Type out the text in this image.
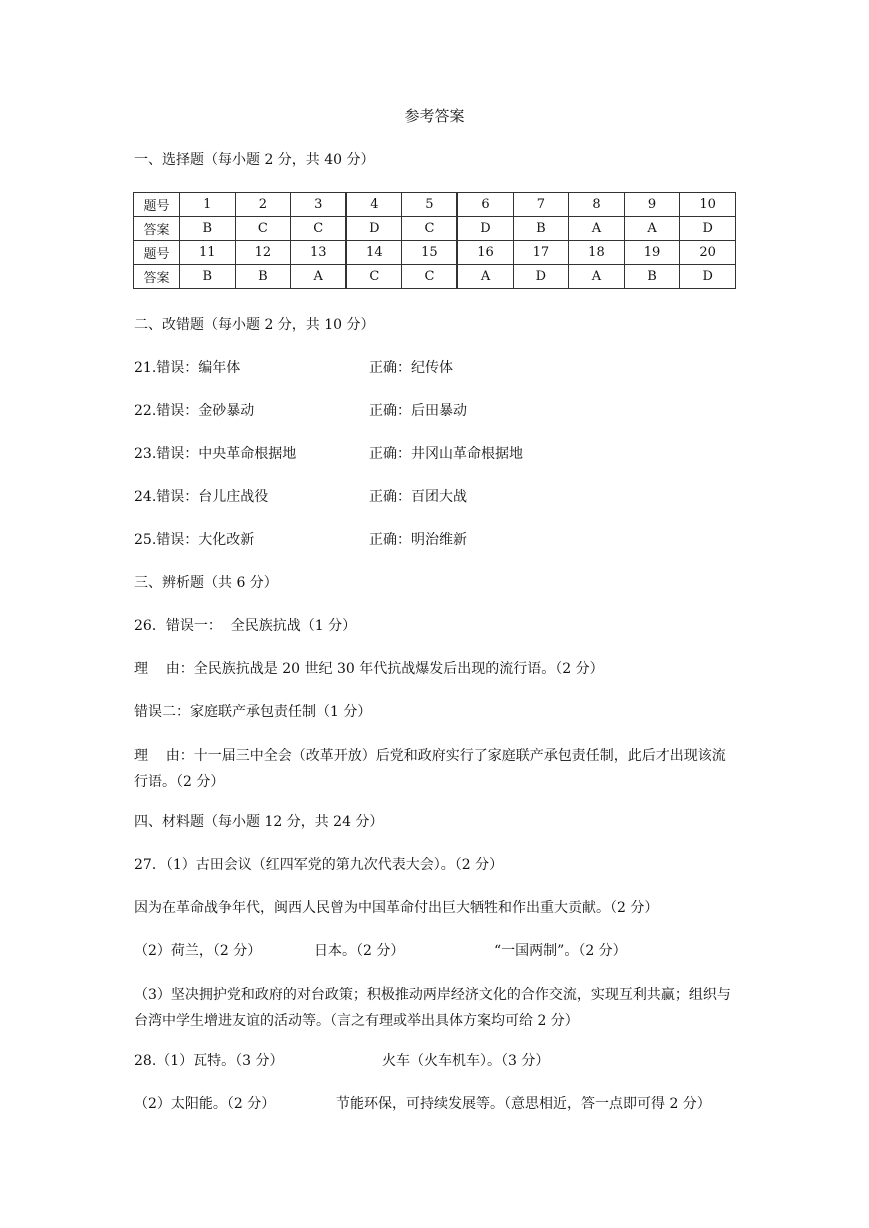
参考答案
一、选择题（每小题 2 分，共 40 分）
题号	1	2	3	4	5	6	7	8	9	10
答案	B	C	C	D	C	D	B	A	A	D
题号	11	12	13	14	15	16	17	18	19	20
答案	B	B	A	C	C	A	D	A	B	D
二、改错题（每小题 2 分，共 10 分）
21.错误：编年体	正确：纪传体
22.错误：金砂暴动	正确：后田暴动
23.错误：中央革命根据地	正确：井冈山革命根据地
24.错误：台儿庄战役	正确：百团大战
25.错误：大化改新	正确：明治维新
三、辨析题（共 6 分）
26．错误一：  全民族抗战（1 分）
理    由：全民族抗战是 20 世纪 30 年代抗战爆发后出现的流行语。（2 分）
错误二：家庭联产承包责任制（1 分）
理    由：十一届三中全会（改革开放）后党和政府实行了家庭联产承包责任制，此后才出现该流行语。（2 分）
四、材料题（每小题 12 分，共 24 分）
27．（1）古田会议（红四军党的第九次代表大会）。（2 分）
因为在革命战争年代，闽西人民曾为中国革命付出巨大牺牲和作出重大贡献。（2 分）
（2）荷兰，（2 分）	日本。（2 分）	“一国两制”。（2 分）
（3）坚决拥护党和政府的对台政策；积极推动两岸经济文化的合作交流，实现互利共赢；组织与台湾中学生增进友谊的活动等。（言之有理或举出具体方案均可给 2 分）
28.（1）瓦特。（3 分）	火车（火车机车）。（3 分）
（2）太阳能。（2 分）	节能环保，可持续发展等。（意思相近，答一点即可得 2 分）
